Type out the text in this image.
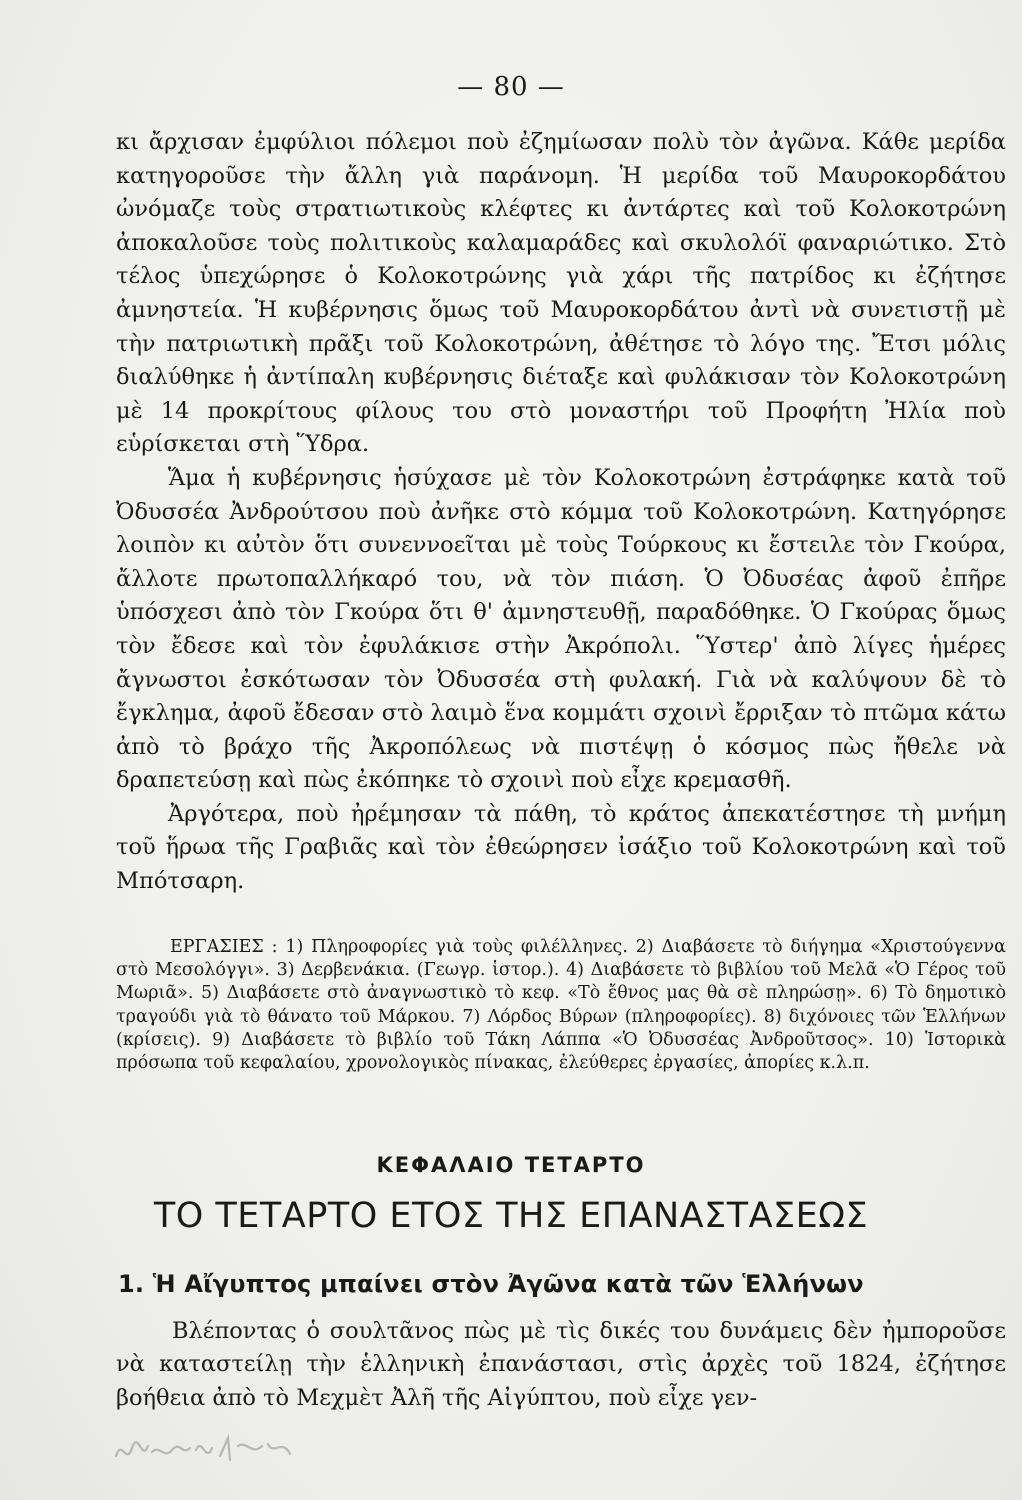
— 80 —

κι ἄρχισαν ἐμφύλιοι πόλεμοι ποὺ ἐζημίωσαν πολὺ τὸν ἀγῶνα. Κάθε μερίδα κατηγοροῦσε τὴν ἄλλη γιὰ παράνομη. Ἡ μερίδα τοῦ Μαυροκορδάτου ὠνόμαζε τοὺς στρατιωτικοὺς κλέφτες κι ἀντάρτες καὶ τοῦ Κολοκοτρώνη ἀποκαλοῦσε τοὺς πολιτικοὺς καλαμαράδες καὶ σκυλολόϊ φαναριώτικο. Στὸ τέλος ὑπεχώρησε ὁ Κολοκοτρώνης γιὰ χάρι τῆς πατρίδος κι ἐζήτησε ἀμνηστεία. Ἡ κυβέρνησις ὅμως τοῦ Μαυροκορδάτου ἀντὶ νὰ συνετιστῇ μὲ τὴν πατριωτικὴ πρᾶξι τοῦ Κολοκοτρώνη, ἀθέτησε τὸ λόγο της. Ἔτσι μόλις διαλύθηκε ἡ ἀντίπαλη κυβέρνησις διέταξε καὶ φυλάκισαν τὸν Κολοκοτρώνη μὲ 14 προκρίτους φίλους του στὸ μοναστήρι τοῦ Προφήτη Ἠλία ποὺ εὑρίσκεται στὴ Ὕδρα.

Ἅμα ἡ κυβέρνησις ἡσύχασε μὲ τὸν Κολοκοτρώνη ἐστράφηκε κατὰ τοῦ Ὀδυσσέα Ἀνδρούτσου ποὺ ἀνῆκε στὸ κόμμα τοῦ Κολοκοτρώνη. Κατηγόρησε λοιπὸν κι αὐτὸν ὅτι συνεννοεῖται μὲ τοὺς Τούρκους κι ἔστειλε τὸν Γκούρα, ἄλλοτε πρωτοπαλλήκαρό του, νὰ τὸν πιάση. Ὁ Ὀδυσέας ἀφοῦ ἐπῆρε ὑπόσχεσι ἀπὸ τὸν Γκούρα ὅτι θ' ἀμνηστευθῇ, παραδόθηκε. Ὁ Γκούρας ὅμως τὸν ἔδεσε καὶ τὸν ἐφυλάκισε στὴν Ἀκρόπολι. Ὕστερ' ἀπὸ λίγες ἡμέρες ἄγνωστοι ἐσκότωσαν τὸν Ὀδυσσέα στὴ φυλακή. Γιὰ νὰ καλύψουν δὲ τὸ ἔγκλημα, ἀφοῦ ἔδεσαν στὸ λαιμὸ ἕνα κομμάτι σχοινὶ ἔρριξαν τὸ πτῶμα κάτω ἀπὸ τὸ βράχο τῆς Ἀκροπόλεως νὰ πιστέψῃ ὁ κόσμος πὼς ἤθελε νὰ δραπετεύσῃ καὶ πὼς ἐκόπηκε τὸ σχοινὶ ποὺ εἶχε κρεμασθῆ.

Ἀργότερα, ποὺ ἠρέμησαν τὰ πάθη, τὸ κράτος ἀπεκατέστησε τὴ μνήμη τοῦ ἥρωα τῆς Γραβιᾶς καὶ τὸν ἐθεώρησεν ἰσάξιο τοῦ Κολοκοτρώνη καὶ τοῦ Μπότσαρη.

ΕΡΓΑΣΙΕΣ : 1) Πληροφορίες γιὰ τοὺς φιλέλληνες. 2) Διαβάσετε τὸ διήγημα «Χριστούγεννα στὸ Μεσολόγγι». 3) Δερβενάκια. (Γεωγρ. ἱστορ.). 4) Διαβάσετε τὸ βιβλίου τοῦ Μελᾶ «Ὁ Γέρος τοῦ Μωριᾶ». 5) Διαβάσετε στὸ ἀναγνωστικὸ τὸ κεφ. «Τὸ ἔθνος μας θὰ σὲ πληρώσῃ». 6) Τὸ δημοτικὸ τραγούδι γιὰ τὸ θάνατο τοῦ Μάρκου. 7) Λόρδος Βύρων (πληροφορίες). 8) διχόνοιες τῶν Ἑλλήνων (κρίσεις). 9) Διαβάσετε τὸ βιβλίο τοῦ Τάκη Λάππα «Ὁ Ὀδυσσέας Ἀνδροῦτσος». 10) Ἱστορικὰ πρόσωπα τοῦ κεφαλαίου, χρονολογικὸς πίνακας, ἐλεύθερες ἐργασίες, ἀπορίες κ.λ.π.
ΚΕΦΑΛΑΙΟ ΤΕΤΑΡΤΟ
ΤΟ ΤΕΤΑΡΤΟ ΕΤΟΣ ΤΗΣ ΕΠΑΝΑΣΤΑΣΕΩΣ
1. Ἡ Αἴγυπτος μπαίνει στὸν Ἀγῶνα κατὰ τῶν Ἑλλήνων
Βλέποντας ὁ σουλτᾶνος πὼς μὲ τὶς δικές του δυνάμεις δὲν ἠμποροῦσε νὰ καταστείλῃ τὴν ἑλληνικὴ ἐπανάστασι, στὶς ἀρχὲς τοῦ 1824, ἐζήτησε βοήθεια ἀπὸ τὸ Μεχμὲτ Ἀλῆ τῆς Αἰγύπτου, ποὺ εἶχε γεν-
